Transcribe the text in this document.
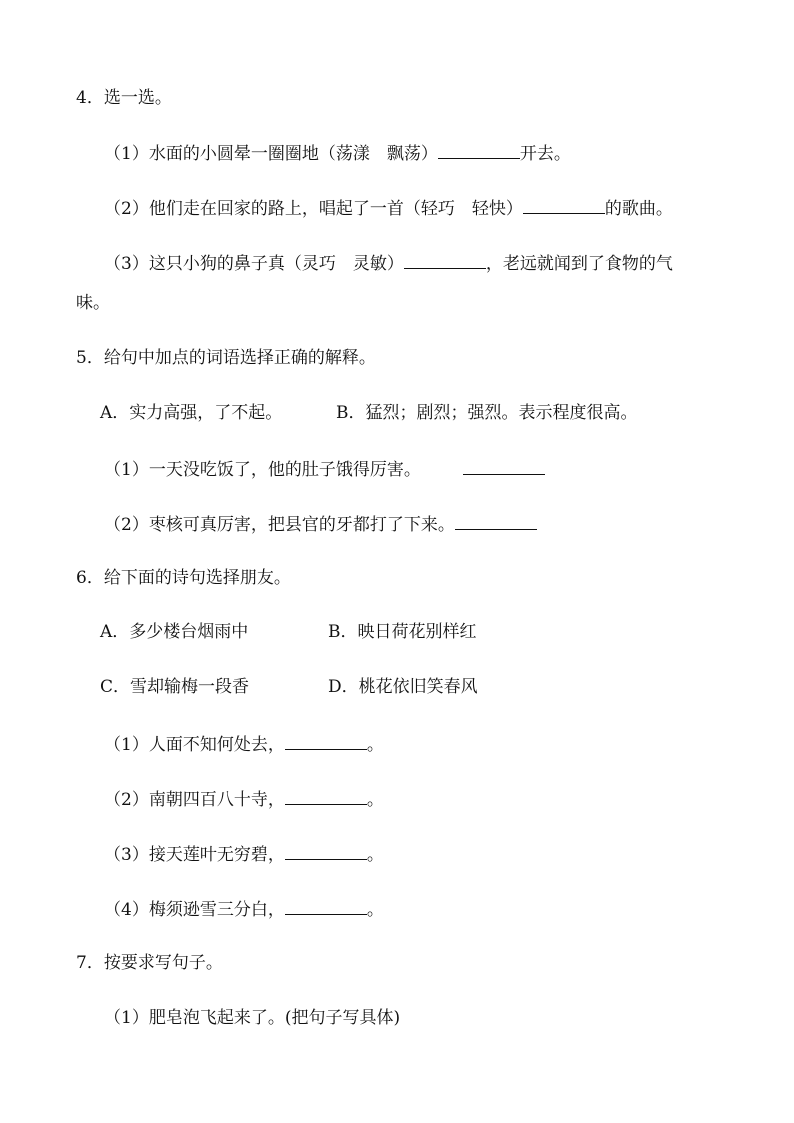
4．选一选。
（1）水面的小圆晕一圈圈地（荡漾　飘荡）	开去。
（2）他们走在回家的路上，唱起了一首（轻巧　轻快）	的歌曲。
（3）这只小狗的鼻子真（灵巧　灵敏）	，老远就闻到了食物的气
味。
5．给句中加点的词语选择正确的解释。
A．实力高强，了不起。	B．猛烈；剧烈；强烈。表示程度很高。
（1）一天没吃饭了，他的肚子饿得厉害。
（2）枣核可真厉害，把县官的牙都打了下来。
6．给下面的诗句选择朋友。
A．多少楼台烟雨中	B．映日荷花别样红
C．雪却输梅一段香	D．桃花依旧笑春风
（1）人面不知何处去，	。
（2）南朝四百八十寺，	。
（3）接天莲叶无穷碧，	。
（4）梅须逊雪三分白，	。
7．按要求写句子。
（1）肥皂泡飞起来了。(把句子写具体)
